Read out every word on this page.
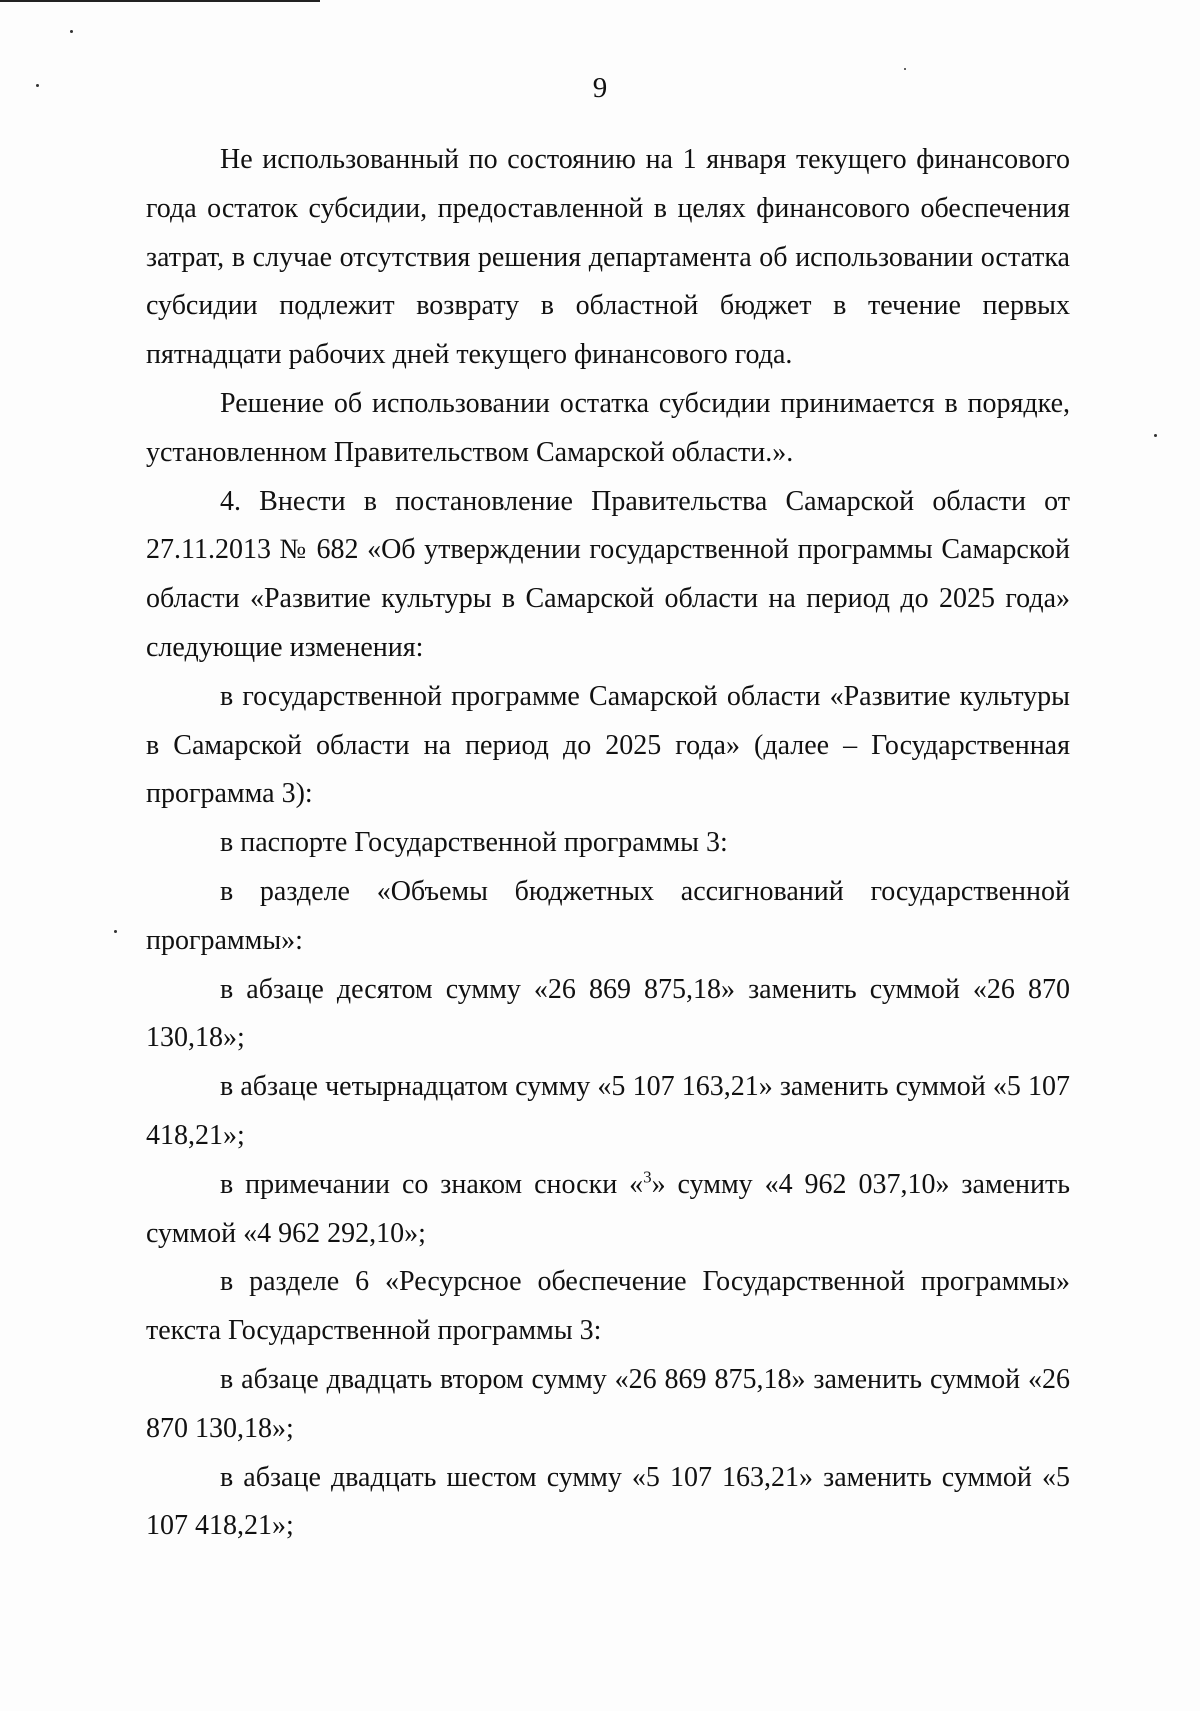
9

Не использованный по состоянию на 1 января текущего финансового года остаток субсидии, предоставленной в целях финансового обеспечения затрат, в случае отсутствия решения департамента об использовании остатка субсидии подлежит возврату в областной бюджет в течение первых пятнадцати рабочих дней текущего финансового года.

Решение об использовании остатка субсидии принимается в порядке, установленном Правительством Самарской области.».

4. Внести в постановление Правительства Самарской области от 27.11.2013 № 682 «Об утверждении государственной программы Самарской области «Развитие культуры в Самарской области на период до 2025 года» следующие изменения:

в государственной программе Самарской области «Развитие культуры в Самарской области на период до 2025 года» (далее – Государственная программа 3):

в паспорте Государственной программы 3:

в разделе «Объемы бюджетных ассигнований государственной программы»:

в абзаце десятом сумму «26 869 875,18» заменить суммой «26 870 130,18»;

в абзаце четырнадцатом сумму «5 107 163,21» заменить суммой «5 107 418,21»;

в примечании со знаком сноски «$^3$» сумму «4 962 037,10» заменить суммой «4 962 292,10»;

в разделе 6 «Ресурсное обеспечение Государственной программы» текста Государственной программы 3:

в абзаце двадцать втором сумму «26 869 875,18» заменить суммой «26 870 130,18»;

в абзаце двадцать шестом сумму «5 107 163,21» заменить суммой «5 107 418,21»;
